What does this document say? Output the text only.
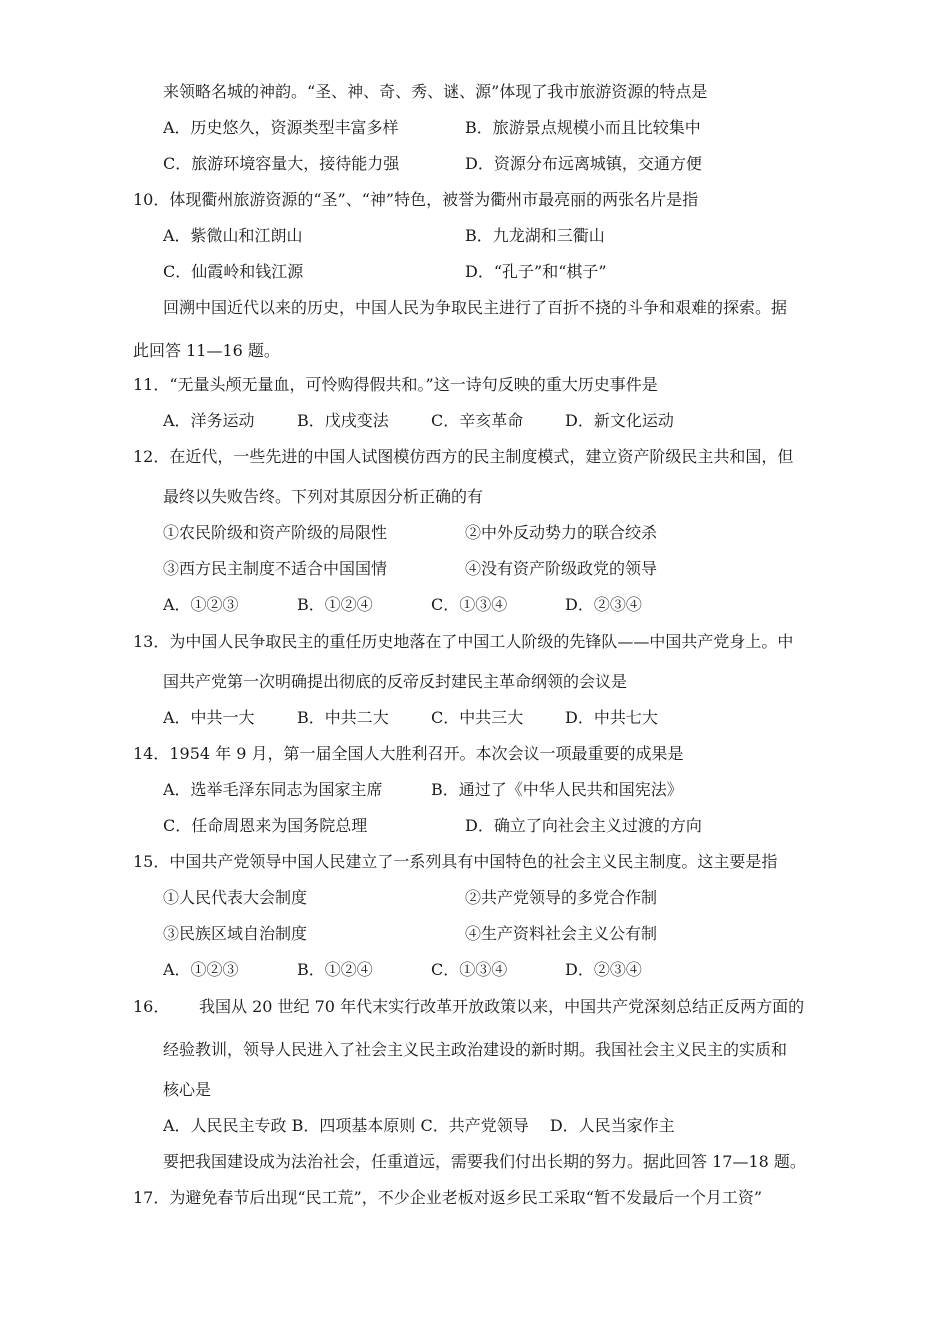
来领略名城的神韵。“圣、神、奇、秀、谜、源”体现了我市旅游资源的特点是
A．历史悠久，资源类型丰富多样	B．旅游景点规模小而且比较集中
C．旅游环境容量大，接待能力强	D．资源分布远离城镇，交通方便
10．体现衢州旅游资源的“圣”、“神”特色，被誉为衢州市最亮丽的两张名片是指
A．紫微山和江朗山	B．九龙湖和三衢山
C．仙霞岭和钱江源	D．“孔子”和“棋子”
回溯中国近代以来的历史，中国人民为争取民主进行了百折不挠的斗争和艰难的探索。据
此回答 11—16 题。
11．“无量头颅无量血，可怜购得假共和。”这一诗句反映的重大历史事件是
A．洋务运动	B．戊戌变法	C．辛亥革命	D．新文化运动
12．在近代，一些先进的中国人试图模仿西方的民主制度模式，建立资产阶级民主共和国，但
最终以失败告终。下列对其原因分析正确的有
①农民阶级和资产阶级的局限性	②中外反动势力的联合绞杀
③西方民主制度不适合中国国情	④没有资产阶级政党的领导
A．①②③	B．①②④	C．①③④	D．②③④
13．为中国人民争取民主的重任历史地落在了中国工人阶级的先锋队——中国共产党身上。中
国共产党第一次明确提出彻底的反帝反封建民主革命纲领的会议是
A．中共一大	B．中共二大	C．中共三大	D．中共七大
14．1954 年 9 月，第一届全国人大胜利召开。本次会议一项最重要的成果是
A．选举毛泽东同志为国家主席	B．通过了《中华人民共和国宪法》
C．任命周恩来为国务院总理	D．确立了向社会主义过渡的方向
15．中国共产党领导中国人民建立了一系列具有中国特色的社会主义民主制度。这主要是指
①人民代表大会制度	②共产党领导的多党合作制
③民族区域自治制度	④生产资料社会主义公有制
A．①②③	B．①②④	C．①③④	D．②③④
16． 我国从 20 世纪 70 年代末实行改革开放政策以来，中国共产党深刻总结正反两方面的
经验教训，领导人民进入了社会主义民主政治建设的新时期。我国社会主义民主的实质和
核心是
A．人民民主专政 B．四项基本原则 C．共产党领导　 D．人民当家作主
要把我国建设成为法治社会，任重道远，需要我们付出长期的努力。据此回答 17—18 题。
17．为避免春节后出现“民工荒”，不少企业老板对返乡民工采取“暂不发最后一个月工资”
